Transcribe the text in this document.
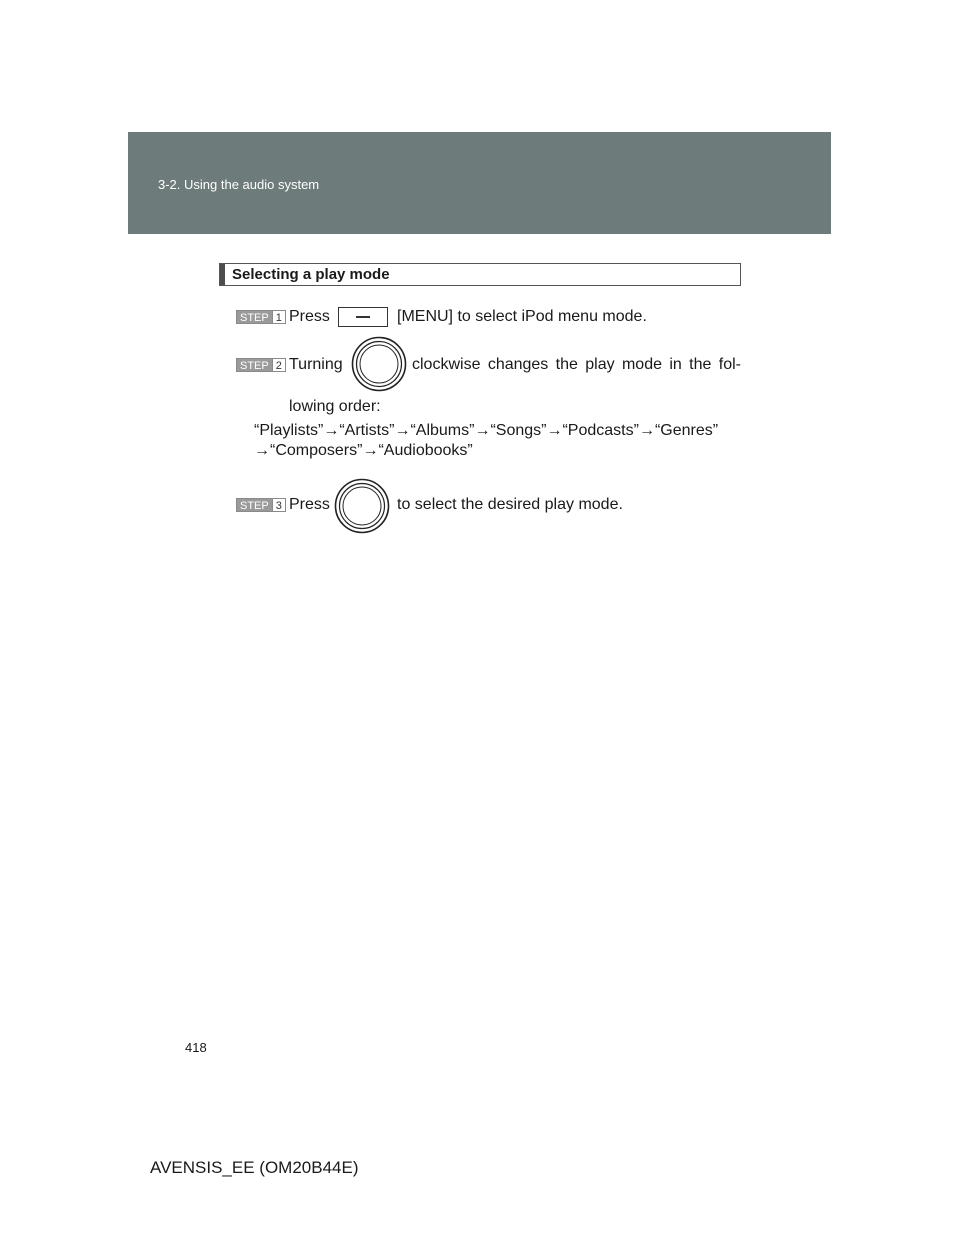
3-2. Using the audio system
Selecting a play mode
STEP 1 Press	[MENU] to select iPod menu mode.
STEP 2 Turning	clockwise changes the play mode in the fol-
lowing order:
“Playlists”→“Artists”→“Albums”→“Songs”→“Podcasts”→“Genres”
→“Composers”→“Audiobooks”
STEP 3 Press	to select the desired play mode.
418
AVENSIS_EE (OM20B44E)
